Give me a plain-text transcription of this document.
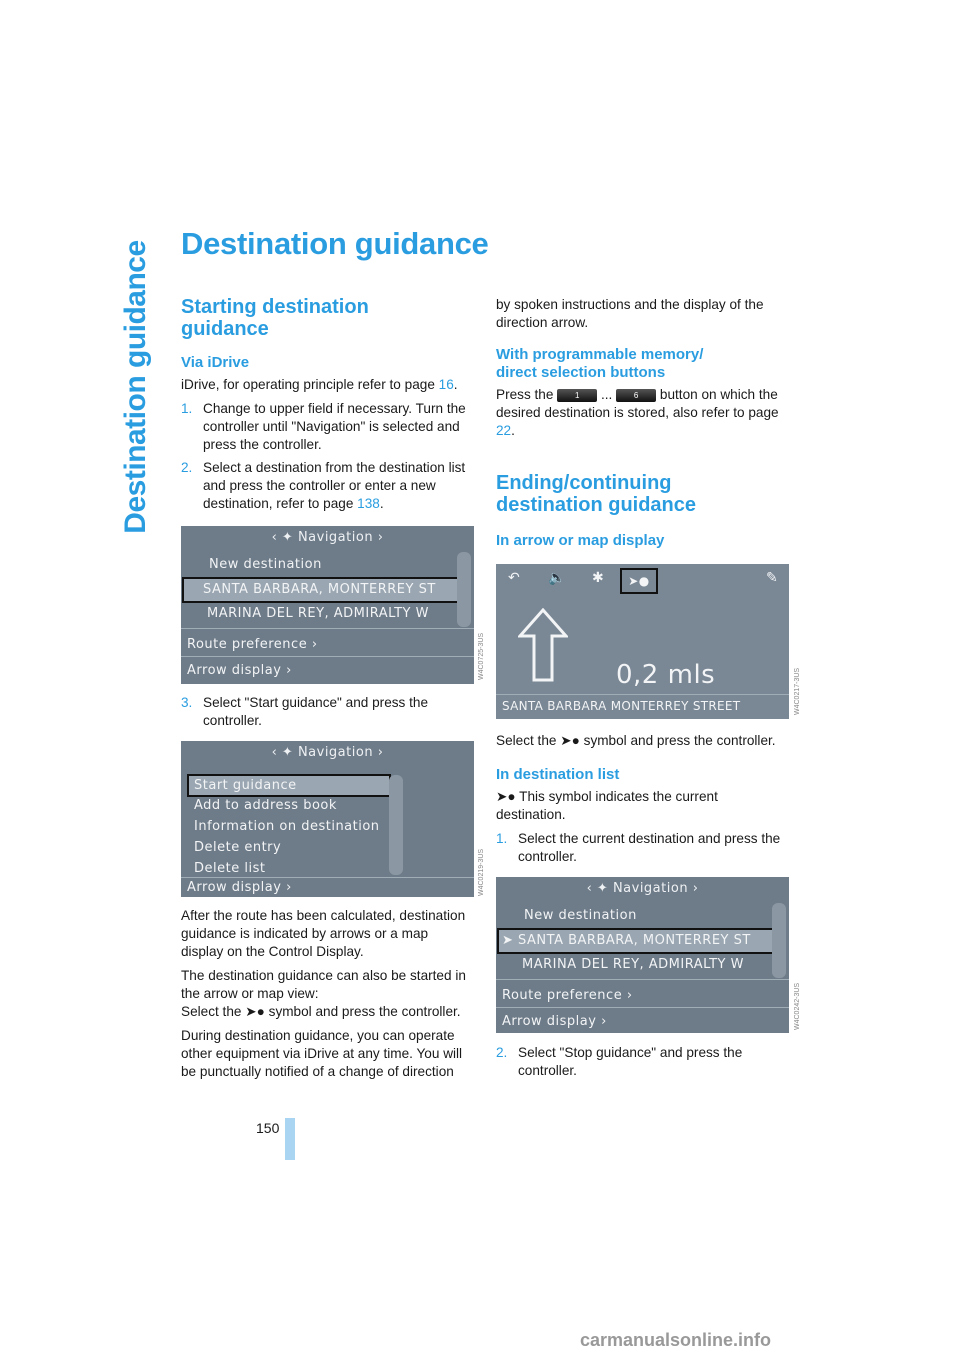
Destination guidance Destination guidance
Starting destination guidance
Via iDrive

iDrive, for operating principle refer to page 16.

1. Change to upper field if necessary. Turn the controller until "Navigation" is selected and press the controller.
2. Select a destination from the destination list and press the controller or enter a new destination, refer to page 138.
‹ ✦ Navigation ›
New destination
SANTA BARBARA, MONTERREY ST
MARINA DEL REY, ADMIRALTY W
Route preference ›
Arrow display ›	W4C0725-3US
3. Select "Start guidance" and press the controller.
‹ ✦ Navigation ›
Start guidance
Add to address book
Information on destination
Delete entry
Delete list
Arrow display ›	W4C0219-3US

After the route has been calculated, destination guidance is indicated by arrows or a map display on the Control Display.

The destination guidance can also be started in the arrow or map view:
Select the ➤● symbol and press the controller.

During destination guidance, you can operate other equipment via iDrive at any time. You will be punctually notified of a change of direction

by spoken instructions and the display of the direction arrow.

With programmable memory/ direct selection buttons

Press the	1 ...	6 button on which the desired destination is stored, also refer to page 22.

Ending/continuing destination guidance
In arrow or map display
↶ 🔈 ✱	➤●	✎
0,2 mls
SANTA BARBARA MONTERREY STREET	W4C0217-3US

Select the ➤● symbol and press the controller.

In destination list

➤● This symbol indicates the current destination.

1. Select the current destination and press the controller.
‹ ✦ Navigation ›
New destination
➤ SANTA BARBARA, MONTERREY ST
MARINA DEL REY, ADMIRALTY W
Route preference ›
Arrow display ›	W4C0242-3US
2. Select "Stop guidance" and press the controller.
150
carmanualsonline.info
